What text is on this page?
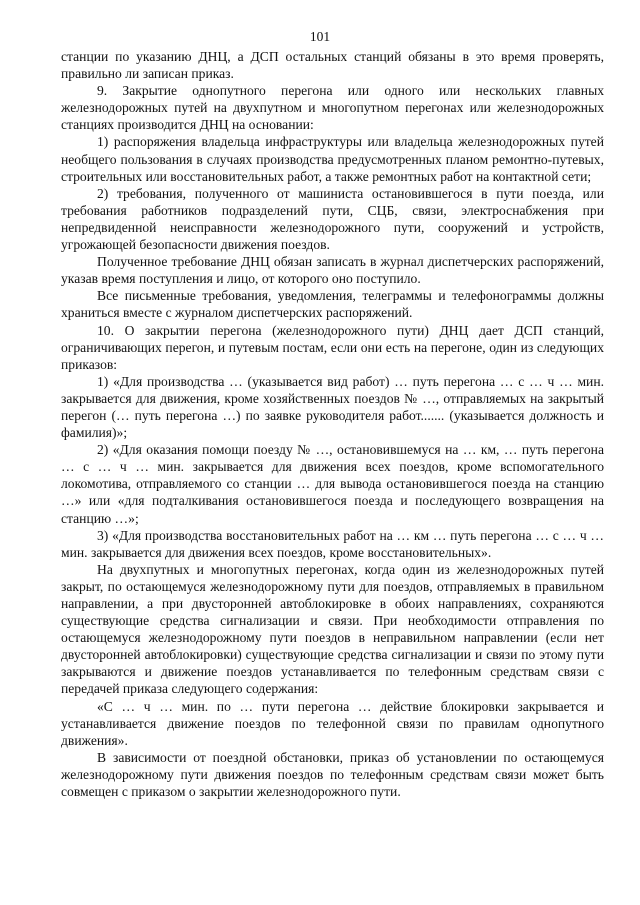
101

станции по указанию ДНЦ, а ДСП остальных станций обязаны в это время проверять, правильно ли записан приказ.

9. Закрытие однопутного перегона или одного или нескольких главных железнодорожных путей на двухпутном и многопутном перегонах или железнодорожных станциях производится ДНЦ на основании:

1) распоряжения владельца инфраструктуры или владельца железнодорожных путей необщего пользования в случаях производства предусмотренных планом ремонтно-путевых, строительных или восстановительных работ, а также ремонтных работ на контактной сети;

2) требования, полученного от машиниста остановившегося в пути поезда, или требования работников подразделений пути, СЦБ, связи, электроснабжения при непредвиденной неисправности железнодорожного пути, сооружений и устройств, угрожающей безопасности движения поездов.

Полученное требование ДНЦ обязан записать в журнал диспетчерских распоряжений, указав время поступления и лицо, от которого оно поступило.

Все письменные требования, уведомления, телеграммы и телефонограммы должны храниться вместе с журналом диспетчерских распоряжений.

10. О закрытии перегона (железнодорожного пути) ДНЦ дает ДСП станций, ограничивающих перегон, и путевым постам, если они есть на перегоне, один из следующих приказов:

1) «Для производства … (указывается вид работ) … путь перегона … с … ч … мин. закрывается для движения, кроме хозяйственных поездов № …, отправляемых на закрытый перегон (… путь перегона …) по заявке руководителя работ....... (указывается должность и фамилия)»;

2) «Для оказания помощи поезду № …, остановившемуся на … км, … путь перегона … с … ч … мин. закрывается для движения всех поездов, кроме вспомогательного локомотива, отправляемого со станции … для вывода остановившегося поезда на станцию …» или «для подталкивания остановившегося поезда и последующего возвращения на станцию …»;

3) «Для производства восстановительных работ на … км … путь перегона … с … ч … мин. закрывается для движения всех поездов, кроме восстановительных».

На двухпутных и многопутных перегонах, когда один из железнодорожных путей закрыт, по остающемуся железнодорожному пути для поездов, отправляемых в правильном направлении, а при двусторонней автоблокировке в обоих направлениях, сохраняются существующие средства сигнализации и связи. При необходимости отправления по остающемуся железнодорожному пути поездов в неправильном направлении (если нет двусторонней автоблокировки) существующие средства сигнализации и связи по этому пути закрываются и движение поездов устанавливается по телефонным средствам связи с передачей приказа следующего содержания:

«С … ч … мин. по … пути перегона … действие блокировки закрывается и устанавливается движение поездов по телефонной связи по правилам однопутного движения».

В зависимости от поездной обстановки, приказ об установлении по остающемуся железнодорожному пути движения поездов по телефонным средствам связи может быть совмещен с приказом о закрытии железнодорожного пути.
